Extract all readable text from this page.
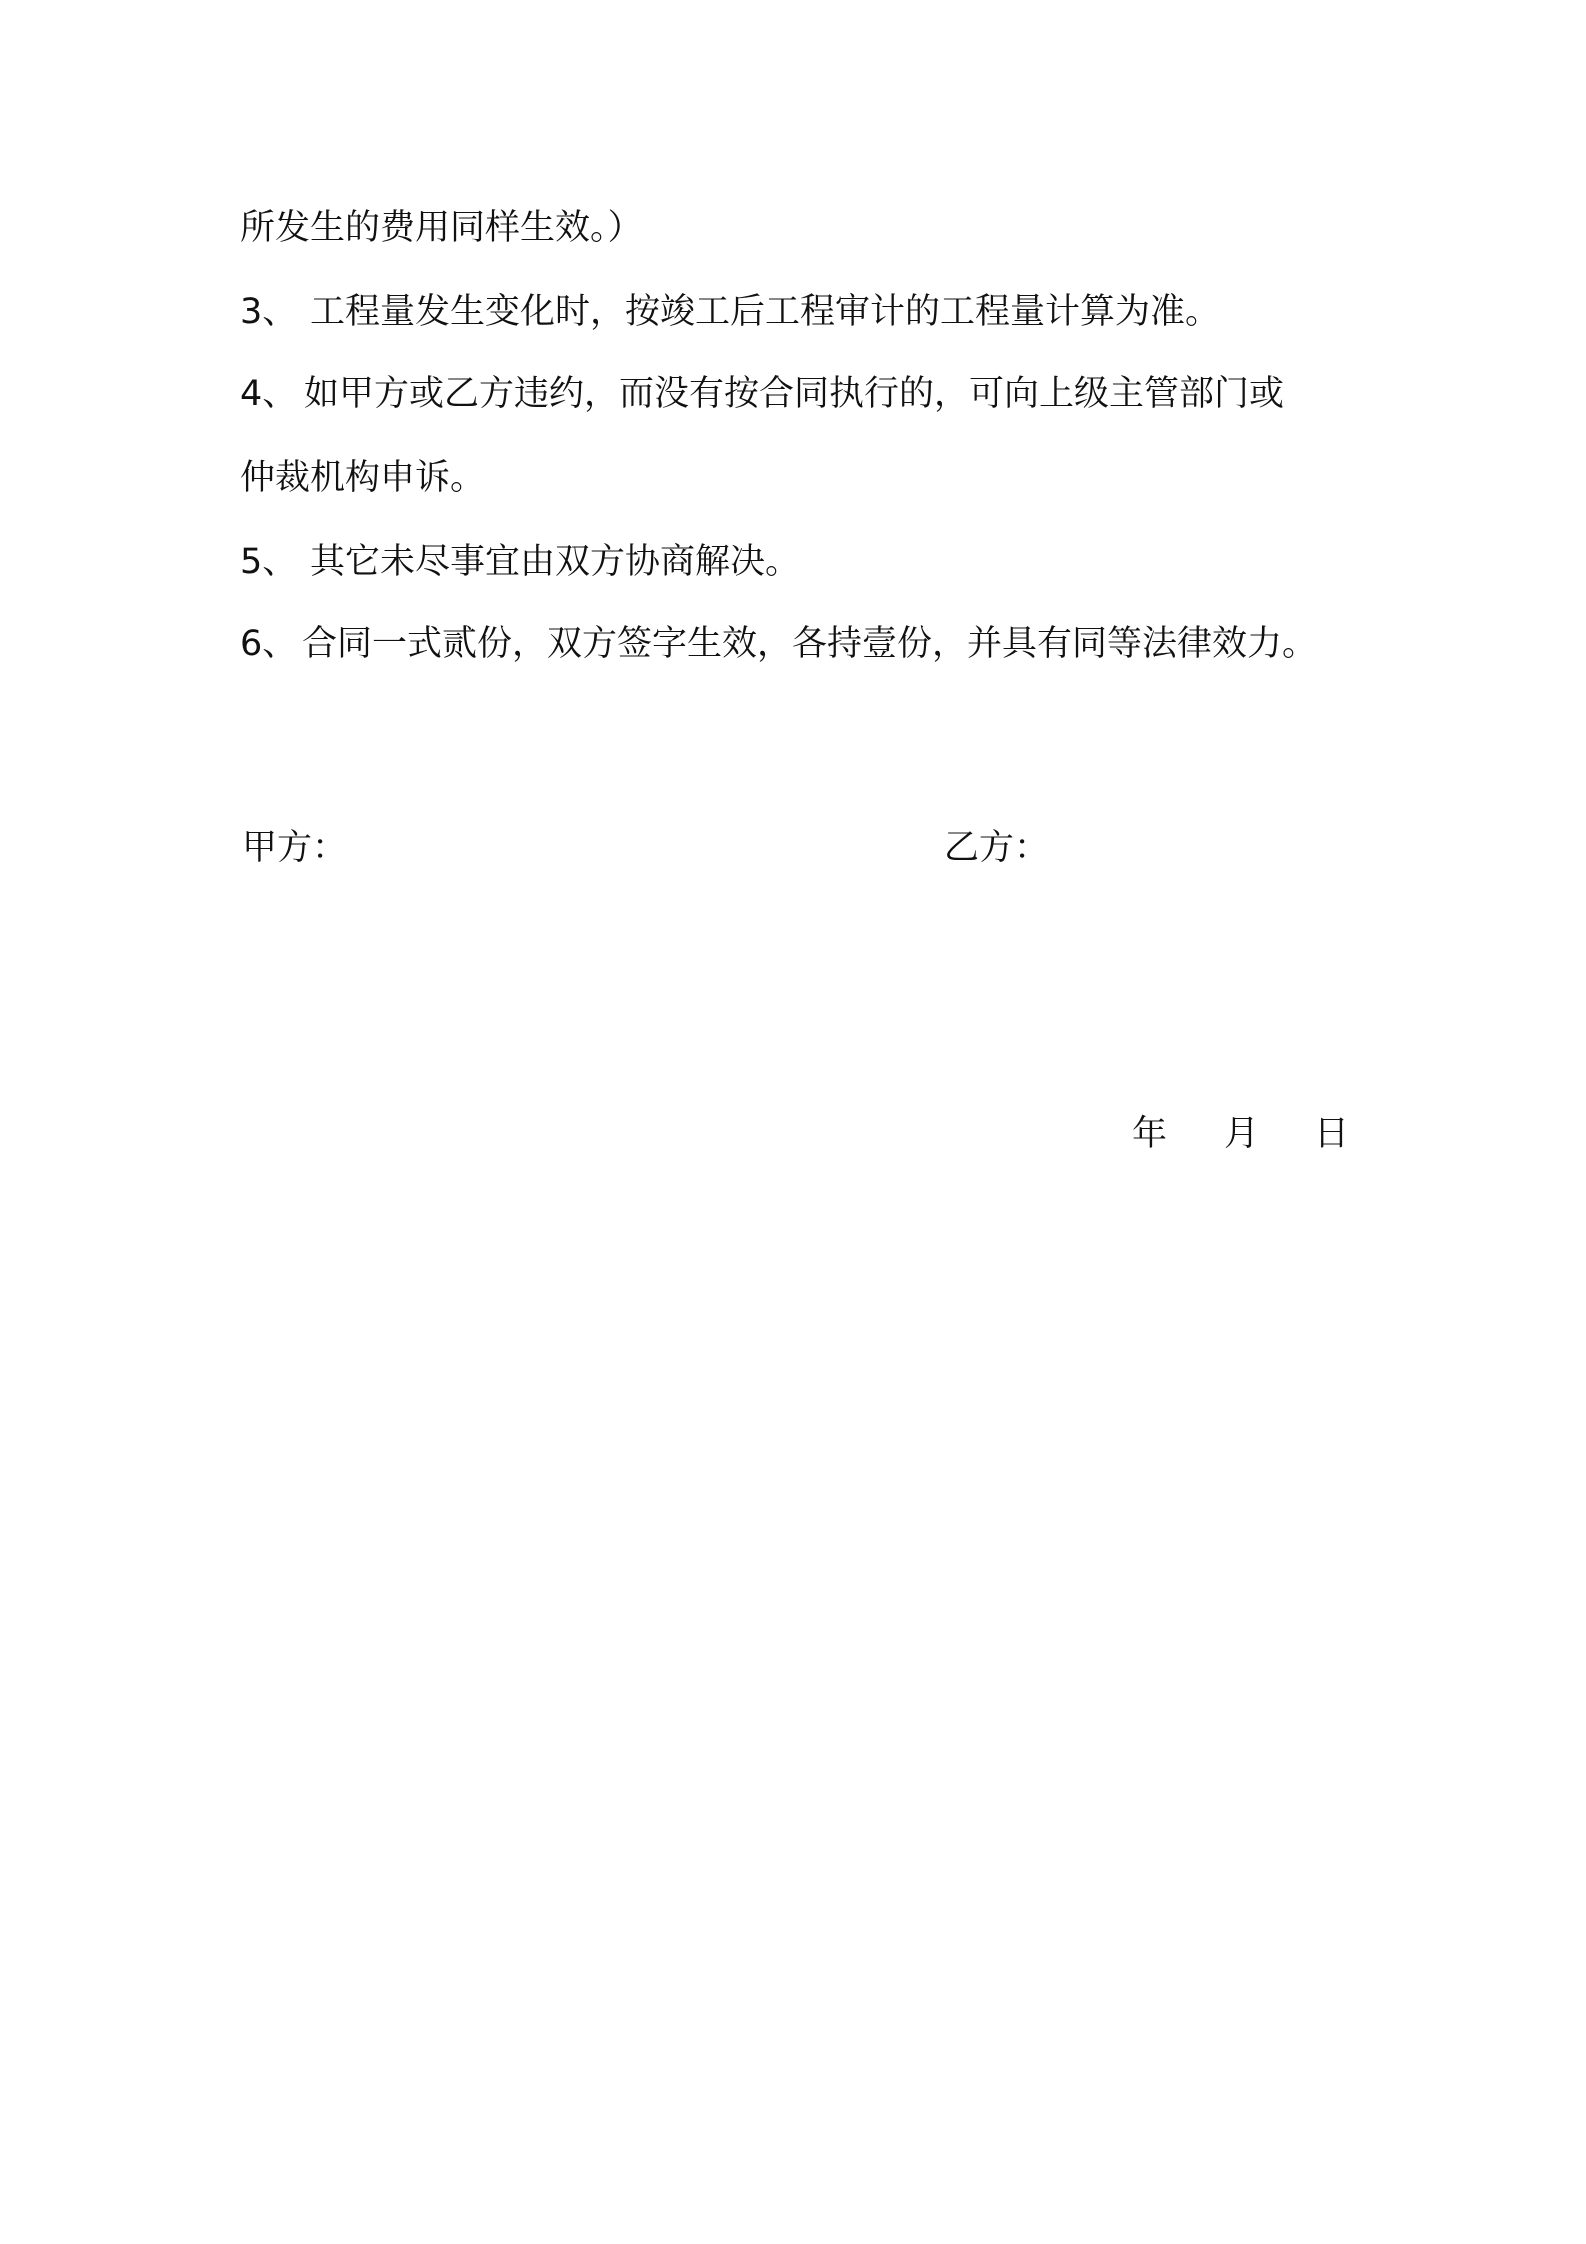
所发生的费用同样生效。）
3、 工程量发生变化时，按竣工后工程审计的工程量计算为准。
4、 如甲方或乙方违约，而没有按合同执行的，可向上级主管部门或
仲裁机构申诉。
5、 其它未尽事宜由双方协商解决。
6、 合同一式贰份，双方签字生效，各持壹份，并具有同等法律效力。
甲方：	乙方：
年 月 日
